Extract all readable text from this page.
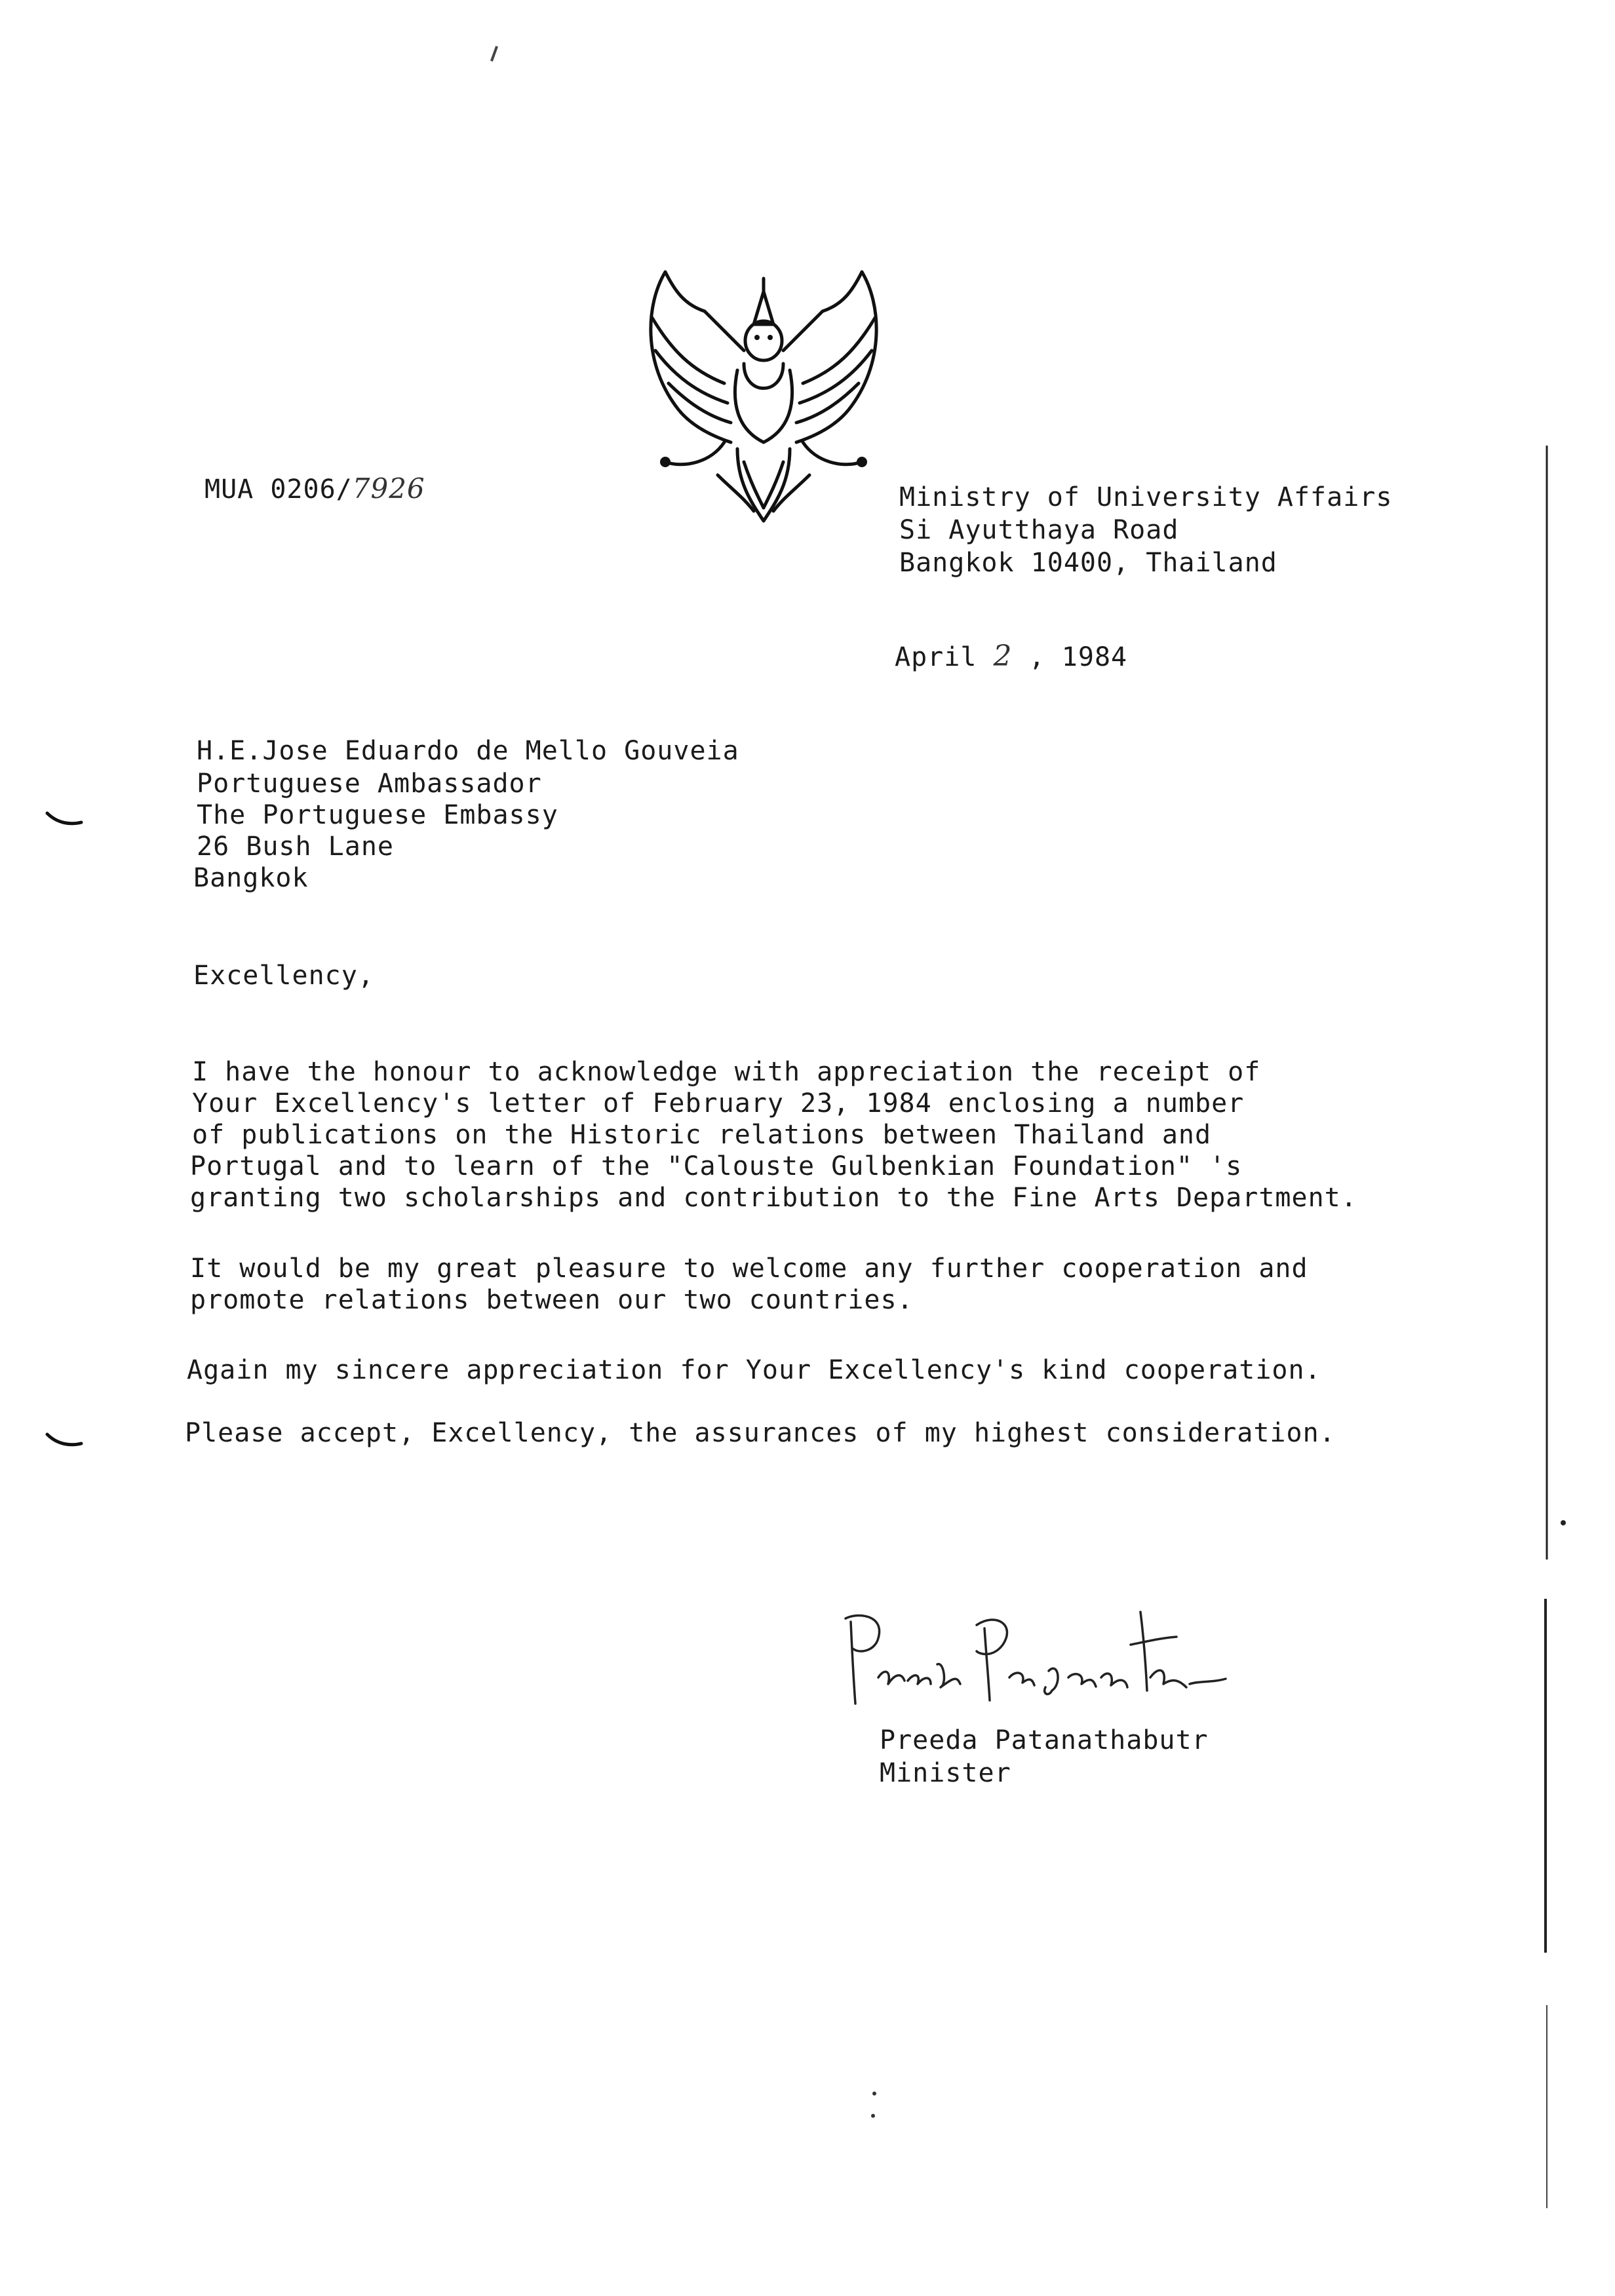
MUA 0206/7926	Ministry of University Affairs
Si Ayutthaya Road
Bangkok 10400, Thailand
April 2 , 1984
H.E.Jose Eduardo de Mello Gouveia
Portuguese Ambassador
The Portuguese Embassy
26 Bush Lane
Bangkok
Excellency,
I have the honour to acknowledge with appreciation the receipt of
Your Excellency's letter of February 23, 1984 enclosing a number
of publications on the Historic relations between Thailand and
Portugal and to learn of the "Calouste Gulbenkian Foundation" 's
granting two scholarships and contribution to the Fine Arts Department.
It would be my great pleasure to welcome any further cooperation and
promote relations between our two countries.
Again my sincere appreciation for Your Excellency's kind cooperation.
Please accept, Excellency, the assurances of my highest consideration.
Preeda Patanathabutr
Minister
